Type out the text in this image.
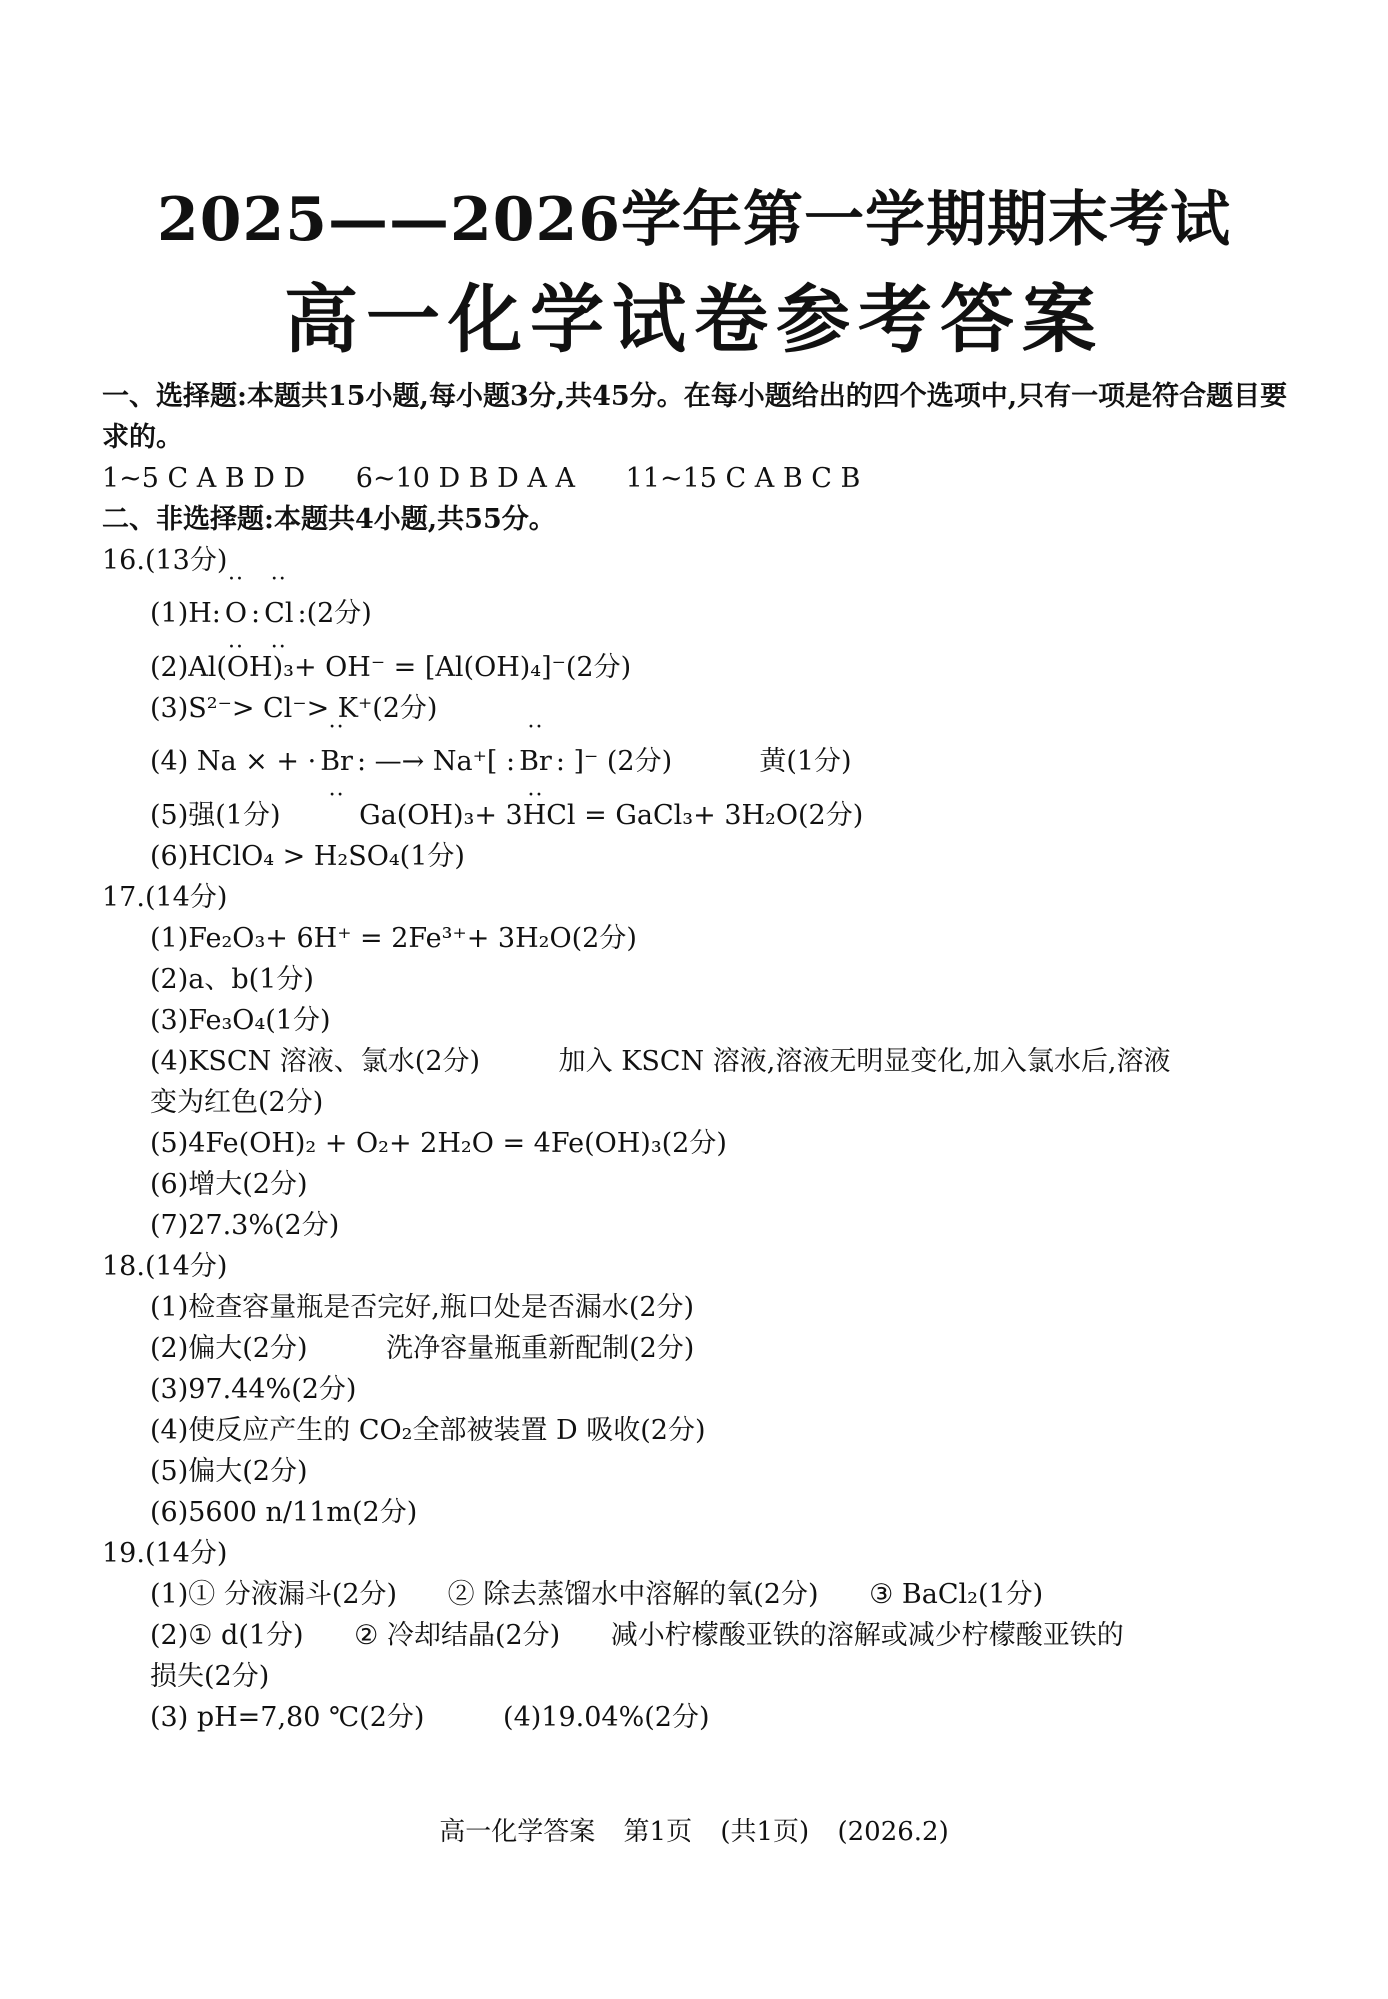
2025——2026学年第一学期期末考试
高一化学试卷参考答案
一、选择题:本题共15小题,每小题3分,共45分。在每小题给出的四个选项中,只有一项是符合题目要求的。
1~5 C A B D D 6~10 D B D A A 11~15 C A B C B
二、非选择题:本题共4小题,共55分。
16.(13分)
(1)H: ·· O ·· : ·· Cl ·· :(2分)
(2)Al(OH)₃+ OH⁻ = [Al(OH)₄]⁻(2分)
(3)S²⁻> Cl⁻> K⁺(2分)
(4) Na × + · ·· Br ·· : —→ Na⁺[ : ·· Br ·· : ]⁻ (2分)	黄(1分)
(5)强(1分)	Ga(OH)₃+ 3HCl = GaCl₃+ 3H₂O(2分)
(6)HClO₄ > H₂SO₄(1分)
17.(14分)
(1)Fe₂O₃+ 6H⁺ = 2Fe³⁺+ 3H₂O(2分)
(2)a、b(1分)
(3)Fe₃O₄(1分)
(4)KSCN 溶液、氯水(2分)	加入 KSCN 溶液,溶液无明显变化,加入氯水后,溶液
变为红色(2分)
(5)4Fe(OH)₂ + O₂+ 2H₂O = 4Fe(OH)₃(2分)
(6)增大(2分)
(7)27.3%(2分)
18.(14分)
(1)检查容量瓶是否完好,瓶口处是否漏水(2分)
(2)偏大(2分)	洗净容量瓶重新配制(2分)
(3)97.44%(2分)
(4)使反应产生的 CO₂全部被装置 D 吸收(2分)
(5)偏大(2分)
(6)5600 n/11m(2分)
19.(14分)
(1)① 分液漏斗(2分) ② 除去蒸馏水中溶解的氧(2分) ③ BaCl₂(1分)
(2)① d(1分) ② 冷却结晶(2分) 减小柠檬酸亚铁的溶解或减少柠檬酸亚铁的
损失(2分)
(3) pH=7,80 ℃(2分)	(4)19.04%(2分)
高一化学答案 第1页 (共1页) (2026.2)
